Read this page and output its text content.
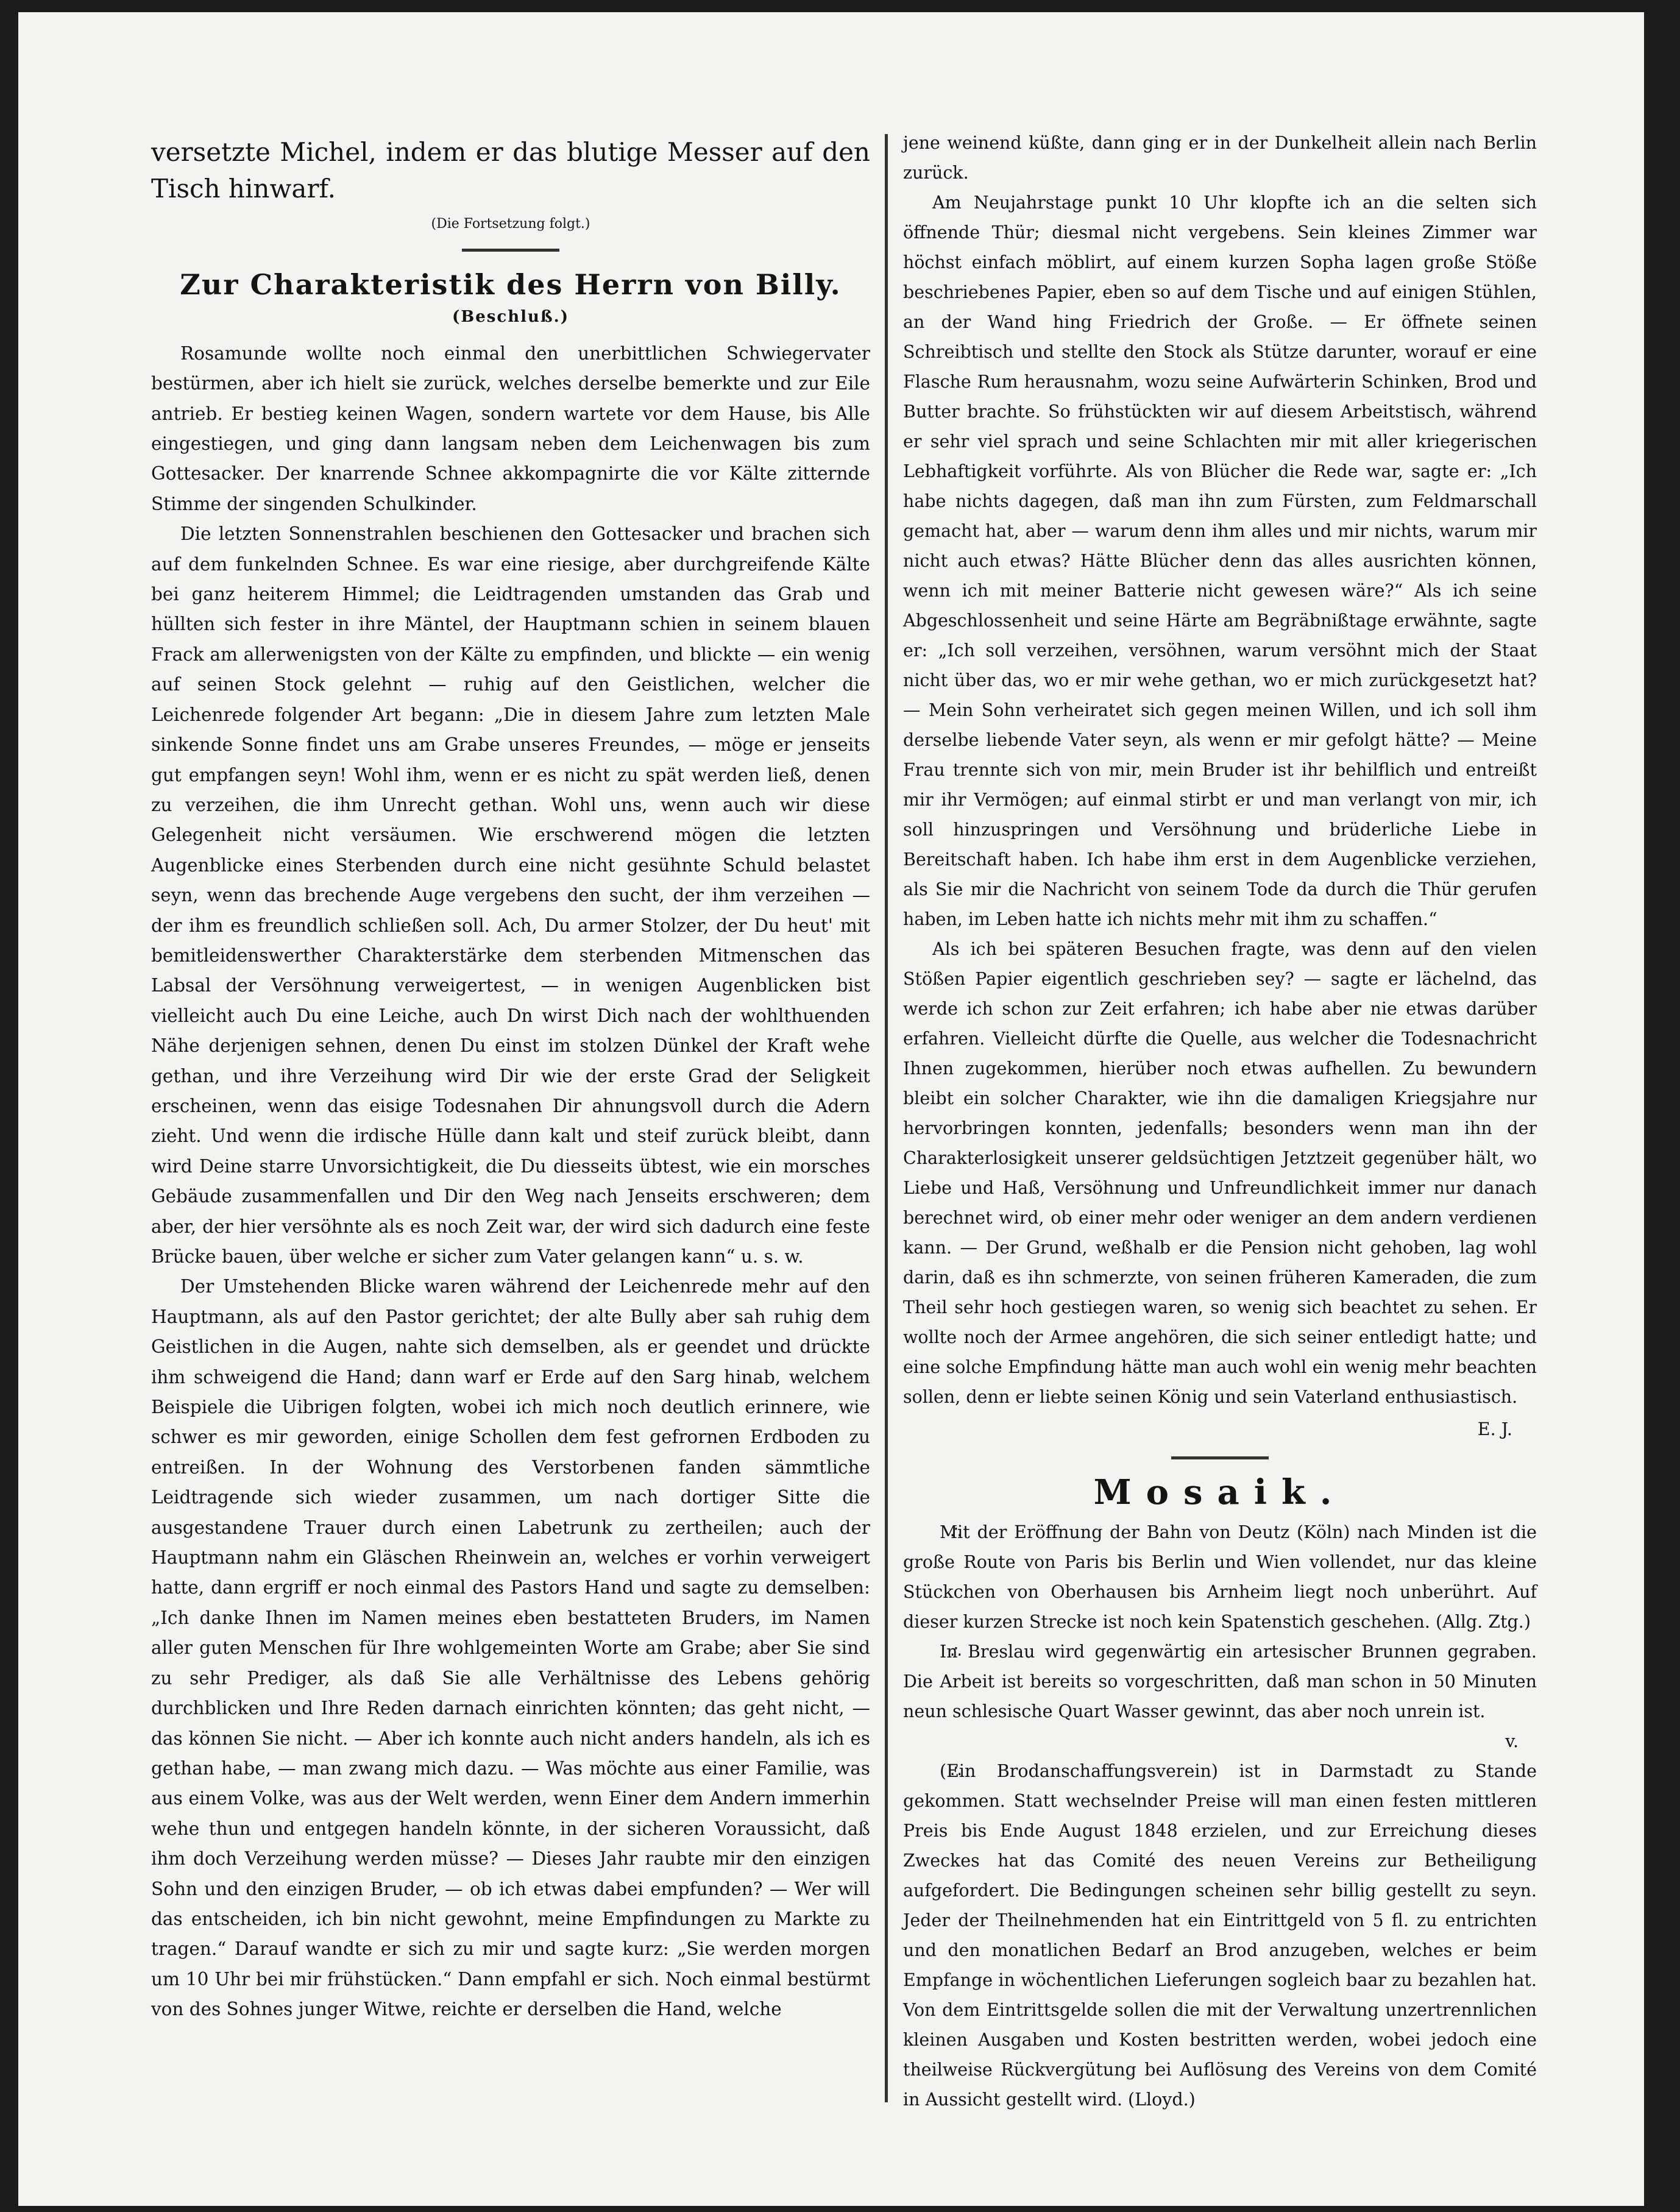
versetzte Michel, indem er das blutige Messer auf den Tisch hinwarf.

(Die Fortsetzung folgt.)

Zur Charakteristik des Herrn von Billy.

(Beschluß.)

Rosamunde wollte noch einmal den unerbittlichen Schwiegervater bestürmen, aber ich hielt sie zurück, welches derselbe bemerkte und zur Eile antrieb. Er bestieg keinen Wagen, sondern wartete vor dem Hause, bis Alle eingestiegen, und ging dann langsam neben dem Leichenwagen bis zum Gottesacker. Der knarrende Schnee akkompagnirte die vor Kälte zitternde Stimme der singenden Schulkinder.

Die letzten Sonnenstrahlen beschienen den Gottesacker und brachen sich auf dem funkelnden Schnee. Es war eine riesige, aber durchgreifende Kälte bei ganz heiterem Himmel; die Leidtragenden umstanden das Grab und hüllten sich fester in ihre Mäntel, der Hauptmann schien in seinem blauen Frack am allerwenigsten von der Kälte zu empfinden, und blickte — ein wenig auf seinen Stock gelehnt — ruhig auf den Geistlichen, welcher die Leichenrede folgender Art begann: „Die in diesem Jahre zum letzten Male sinkende Sonne findet uns am Grabe unseres Freundes, — möge er jenseits gut empfangen seyn! Wohl ihm, wenn er es nicht zu spät werden ließ, denen zu verzeihen, die ihm Unrecht gethan. Wohl uns, wenn auch wir diese Gelegenheit nicht versäumen. Wie erschwerend mögen die letzten Augenblicke eines Sterbenden durch eine nicht gesühnte Schuld belastet seyn, wenn das brechende Auge vergebens den sucht, der ihm verzeihen — der ihm es freundlich schließen soll. Ach, Du armer Stolzer, der Du heut' mit bemitleidenswerther Charakterstärke dem sterbenden Mitmenschen das Labsal der Versöhnung verweigertest, — in wenigen Augenblicken bist vielleicht auch Du eine Leiche, auch Dn wirst Dich nach der wohlthuenden Nähe derjenigen sehnen, denen Du einst im stolzen Dünkel der Kraft wehe gethan, und ihre Verzeihung wird Dir wie der erste Grad der Seligkeit erscheinen, wenn das eisige Todesnahen Dir ahnungsvoll durch die Adern zieht. Und wenn die irdische Hülle dann kalt und steif zurück bleibt, dann wird Deine starre Unvorsichtigkeit, die Du diesseits übtest, wie ein morsches Gebäude zusammenfallen und Dir den Weg nach Jenseits erschweren; dem aber, der hier versöhnte als es noch Zeit war, der wird sich dadurch eine feste Brücke bauen, über welche er sicher zum Vater gelangen kann“ u. s. w.

Der Umstehenden Blicke waren während der Leichenrede mehr auf den Hauptmann, als auf den Pastor gerichtet; der alte Bully aber sah ruhig dem Geistlichen in die Augen, nahte sich demselben, als er geendet und drückte ihm schweigend die Hand; dann warf er Erde auf den Sarg hinab, welchem Beispiele die Uibrigen folgten, wobei ich mich noch deutlich erinnere, wie schwer es mir geworden, einige Schollen dem fest gefrornen Erdboden zu entreißen. In der Wohnung des Verstorbenen fanden sämmtliche Leidtragende sich wieder zusammen, um nach dortiger Sitte die ausgestandene Trauer durch einen Labetrunk zu zertheilen; auch der Hauptmann nahm ein Gläschen Rheinwein an, welches er vorhin verweigert hatte, dann ergriff er noch einmal des Pastors Hand und sagte zu demselben: „Ich danke Ihnen im Namen meines eben bestatteten Bruders, im Namen aller guten Menschen für Ihre wohlgemeinten Worte am Grabe; aber Sie sind zu sehr Prediger, als daß Sie alle Verhältnisse des Lebens gehörig durchblicken und Ihre Reden darnach einrichten könnten; das geht nicht, — das können Sie nicht. — Aber ich konnte auch nicht anders handeln, als ich es gethan habe, — man zwang mich dazu. — Was möchte aus einer Familie, was aus einem Volke, was aus der Welt werden, wenn Einer dem Andern immerhin wehe thun und entgegen handeln könnte, in der sicheren Voraussicht, daß ihm doch Verzeihung werden müsse? — Dieses Jahr raubte mir den einzigen Sohn und den einzigen Bruder, — ob ich etwas dabei empfunden? — Wer will das entscheiden, ich bin nicht gewohnt, meine Empfindungen zu Markte zu tragen.“ Darauf wandte er sich zu mir und sagte kurz: „Sie werden morgen um 10 Uhr bei mir frühstücken.“ Dann empfahl er sich. Noch einmal bestürmt von des Sohnes junger Witwe, reichte er derselben die Hand, welche

jene weinend küßte, dann ging er in der Dunkelheit allein nach Berlin zurück.

Am Neujahrstage punkt 10 Uhr klopfte ich an die selten sich öffnende Thür; diesmal nicht vergebens. Sein kleines Zimmer war höchst einfach möblirt, auf einem kurzen Sopha lagen große Stöße beschriebenes Papier, eben so auf dem Tische und auf einigen Stühlen, an der Wand hing Friedrich der Große. — Er öffnete seinen Schreibtisch und stellte den Stock als Stütze darunter, worauf er eine Flasche Rum herausnahm, wozu seine Aufwärterin Schinken, Brod und Butter brachte. So frühstückten wir auf diesem Arbeitstisch, während er sehr viel sprach und seine Schlachten mir mit aller kriegerischen Lebhaftigkeit vorführte. Als von Blücher die Rede war, sagte er: „Ich habe nichts dagegen, daß man ihn zum Fürsten, zum Feldmarschall gemacht hat, aber — warum denn ihm alles und mir nichts, warum mir nicht auch etwas? Hätte Blücher denn das alles ausrichten können, wenn ich mit meiner Batterie nicht gewesen wäre?“ Als ich seine Abgeschlossenheit und seine Härte am Begräbnißtage erwähnte, sagte er: „Ich soll verzeihen, versöhnen, warum versöhnt mich der Staat nicht über das, wo er mir wehe gethan, wo er mich zurückgesetzt hat? — Mein Sohn verheiratet sich gegen meinen Willen, und ich soll ihm derselbe liebende Vater seyn, als wenn er mir gefolgt hätte? — Meine Frau trennte sich von mir, mein Bruder ist ihr behilflich und entreißt mir ihr Vermögen; auf einmal stirbt er und man verlangt von mir, ich soll hinzuspringen und Versöhnung und brüderliche Liebe in Bereitschaft haben. Ich habe ihm erst in dem Augenblicke verziehen, als Sie mir die Nachricht von seinem Tode da durch die Thür gerufen haben, im Leben hatte ich nichts mehr mit ihm zu schaffen.“

Als ich bei späteren Besuchen fragte, was denn auf den vielen Stößen Papier eigentlich geschrieben sey? — sagte er lächelnd, das werde ich schon zur Zeit erfahren; ich habe aber nie etwas darüber erfahren. Vielleicht dürfte die Quelle, aus welcher die Todesnachricht Ihnen zugekommen, hierüber noch etwas aufhellen. Zu bewundern bleibt ein solcher Charakter, wie ihn die damaligen Kriegsjahre nur hervorbringen konnten, jedenfalls; besonders wenn man ihn der Charakterlosigkeit unserer geldsüchtigen Jetztzeit gegenüber hält, wo Liebe und Haß, Versöhnung und Unfreundlichkeit immer nur danach berechnet wird, ob einer mehr oder weniger an dem andern verdienen kann. — Der Grund, weßhalb er die Pension nicht gehoben, lag wohl darin, daß es ihn schmerzte, von seinen früheren Kameraden, die zum Theil sehr hoch gestiegen waren, so wenig sich beachtet zu sehen. Er wollte noch der Armee angehören, die sich seiner entledigt hatte; und eine solche Empfindung hätte man auch wohl ein wenig mehr beachten sollen, denn er liebte seinen König und sein Vaterland enthusiastisch.

E. J.

Mosaik.

∴ Mit der Eröffnung der Bahn von Deutz (Köln) nach Minden ist die große Route von Paris bis Berlin und Wien vollendet, nur das kleine Stückchen von Oberhausen bis Arnheim liegt noch unberührt. Auf dieser kurzen Strecke ist noch kein Spatenstich geschehen. (Allg. Ztg.)

∴ In Breslau wird gegenwärtig ein artesischer Brunnen gegraben. Die Arbeit ist bereits so vorgeschritten, daß man schon in 50 Minuten neun schlesische Quart Wasser gewinnt, das aber noch unrein ist.

v.

∴ (Ein Brodanschaffungsverein) ist in Darmstadt zu Stande gekommen. Statt wechselnder Preise will man einen festen mittleren Preis bis Ende August 1848 erzielen, und zur Erreichung dieses Zweckes hat das Comité des neuen Vereins zur Betheiligung aufgefordert. Die Bedingungen scheinen sehr billig gestellt zu seyn. Jeder der Theilnehmenden hat ein Eintrittgeld von 5 fl. zu entrichten und den monatlichen Bedarf an Brod anzugeben, welches er beim Empfange in wöchentlichen Lieferungen sogleich baar zu bezahlen hat. Von dem Eintrittsgelde sollen die mit der Verwaltung unzertrennlichen kleinen Ausgaben und Kosten bestritten werden, wobei jedoch eine theilweise Rückvergütung bei Auflösung des Vereins von dem Comité in Aussicht gestellt wird. (Lloyd.)
